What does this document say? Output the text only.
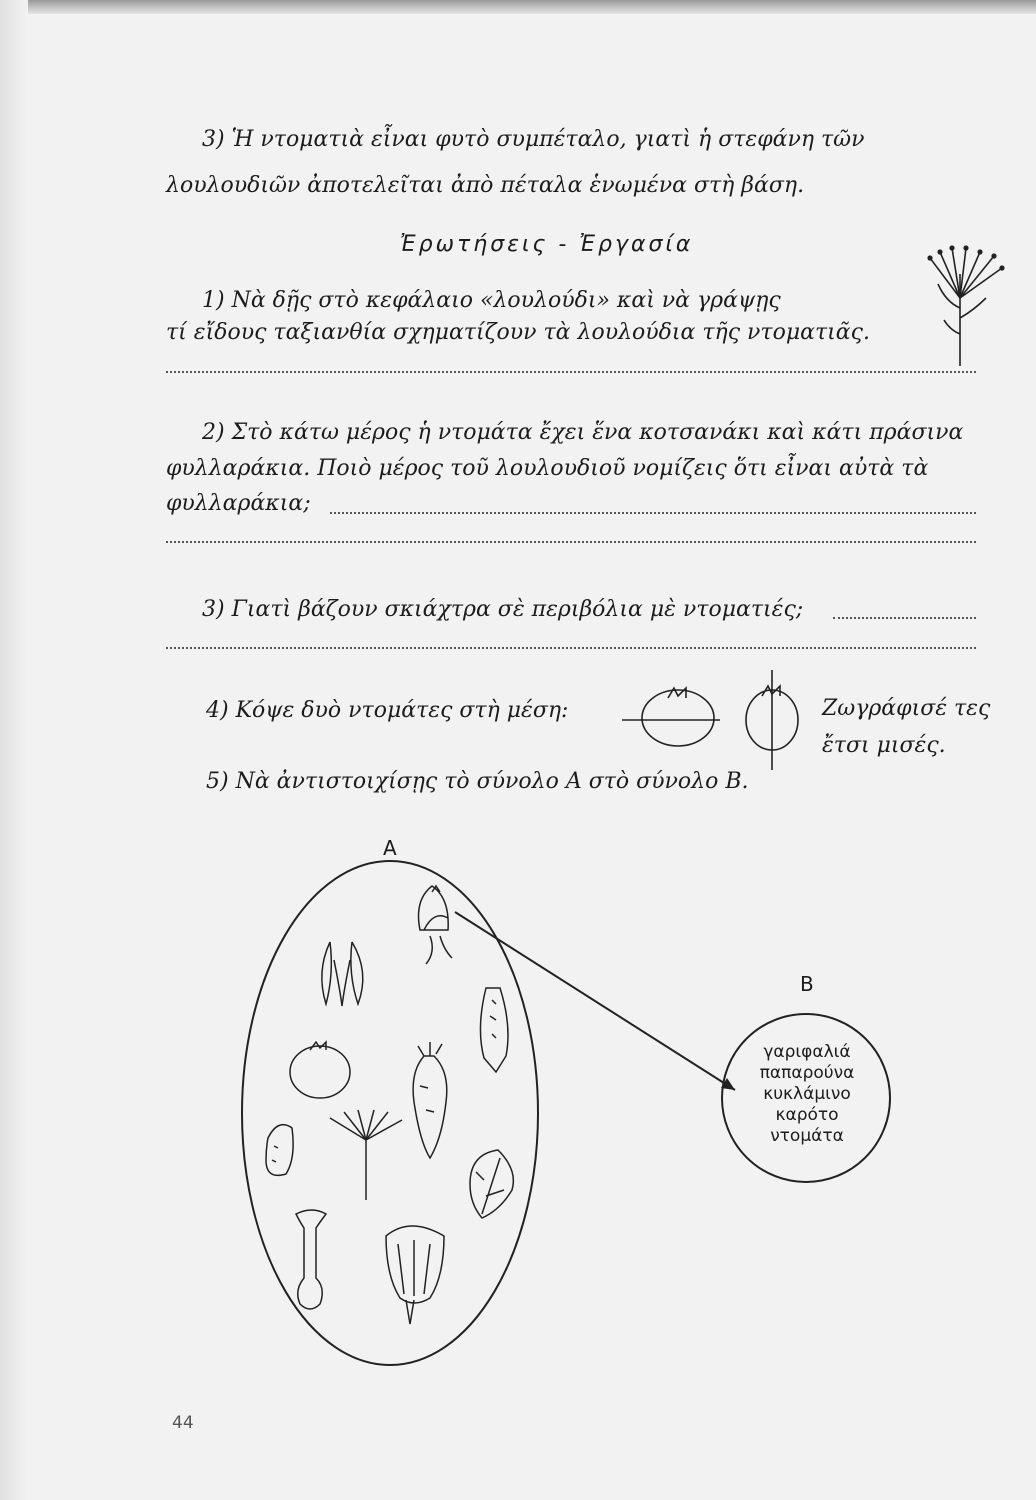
3) Ἡ ντοματιὰ εἶναι φυτὸ συμπέταλο, γιατὶ ἡ στεφάνη τῶν
λουλουδιῶν ἀποτελεῖται ἀπὸ πέταλα ἑνωμένα στὴ βάση.
Ἐρωτήσεις - Ἐργασία
1) Νὰ δῇς στὸ κεφάλαιο «λουλούδι» καὶ νὰ γράψῃς
τί εἴδους ταξιανθία σχηματίζουν τὰ λουλούδια τῆς ντοματιᾶς.
2) Στὸ κάτω μέρος ἡ ντομάτα ἔχει ἕνα κοτσανάκι καὶ κάτι πράσινα
φυλλαράκια. Ποιὸ μέρος τοῦ λουλουδιοῦ νομίζεις ὅτι εἶναι αὐτὰ τὰ
φυλλαράκια;
3) Γιατὶ βάζουν σκιάχτρα σὲ περιβόλια μὲ ντοματιές;
4) Κόψε δυὸ ντομάτες στὴ μέση:	Ζωγράφισέ τες
ἔτσι μισές.
5) Νὰ ἀντιστοιχίσῃς τὸ σύνολο Α στὸ σύνολο Β.
Α
Β
γαριφαλιά
παπαρούνα
κυκλάμινο
καρότο
ντομάτα
44
